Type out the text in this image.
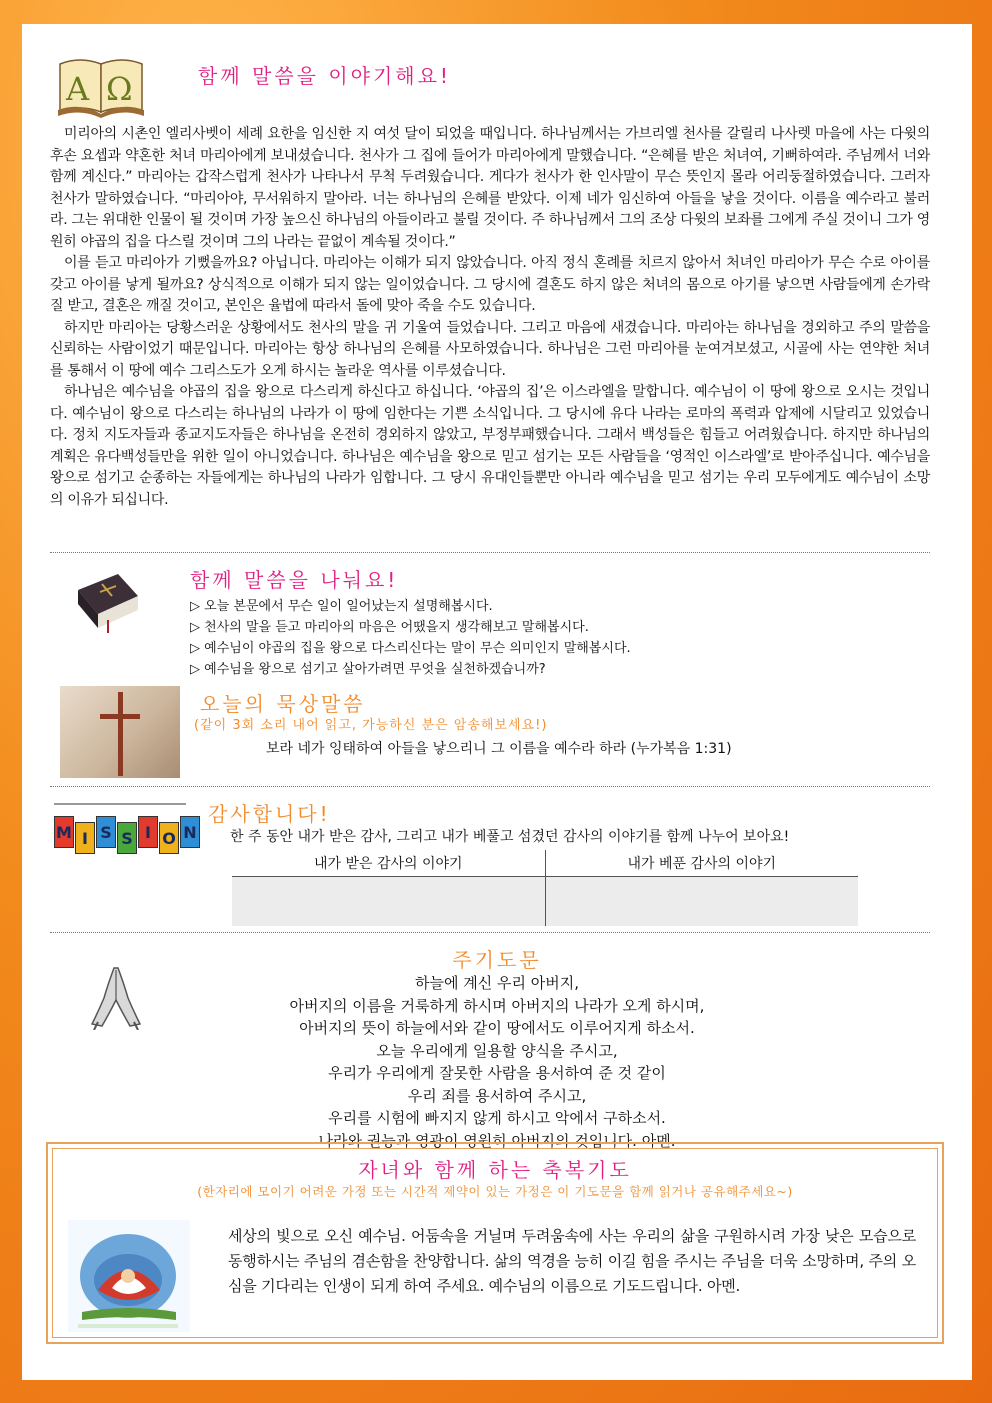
A Ω	함께 말씀을 이야기해요!

미리아의 시촌인 엘리사벳이 세례 요한을 임신한 지 여섯 달이 되었을 때입니다. 하나님께서는 가브리엘 천사를 갈릴리 나사렛 마을에 사는 다윗의 후손 요셉과 약혼한 처녀 마리아에게 보내셨습니다. 천사가 그 집에 들어가 마리아에게 말했습니다. “은혜를 받은 처녀여, 기뻐하여라. 주님께서 너와 함께 계신다.” 마리아는 갑작스럽게 천사가 나타나서 무척 두려웠습니다. 게다가 천사가 한 인사말이 무슨 뜻인지 몰라 어리둥절하였습니다. 그러자 천사가 말하였습니다. “마리아야, 무서워하지 말아라. 너는 하나님의 은혜를 받았다. 이제 네가 임신하여 아들을 낳을 것이다. 이름을 예수라고 불러라. 그는 위대한 인물이 될 것이며 가장 높으신 하나님의 아들이라고 불릴 것이다. 주 하나님께서 그의 조상 다윗의 보좌를 그에게 주실 것이니 그가 영원히 야곱의 집을 다스릴 것이며 그의 나라는 끝없이 계속될 것이다.”

이를 듣고 마리아가 기뻤을까요? 아닙니다. 마리아는 이해가 되지 않았습니다. 아직 정식 혼례를 치르지 않아서 처녀인 마리아가 무슨 수로 아이를 갖고 아이를 낳게 될까요? 상식적으로 이해가 되지 않는 일이었습니다. 그 당시에 결혼도 하지 않은 처녀의 몸으로 아기를 낳으면 사람들에게 손가락질 받고, 결혼은 깨질 것이고, 본인은 율법에 따라서 돌에 맞아 죽을 수도 있습니다.

하지만 마리아는 당황스러운 상황에서도 천사의 말을 귀 기울여 들었습니다. 그리고 마음에 새겼습니다. 마리아는 하나님을 경외하고 주의 말씀을 신뢰하는 사람이었기 때문입니다. 마리아는 항상 하나님의 은혜를 사모하였습니다. 하나님은 그런 마리아를 눈여겨보셨고, 시골에 사는 연약한 처녀를 통해서 이 땅에 예수 그리스도가 오게 하시는 놀라운 역사를 이루셨습니다.

하나님은 예수님을 야곱의 집을 왕으로 다스리게 하신다고 하십니다. ‘야곱의 집’은 이스라엘을 말합니다. 예수님이 이 땅에 왕으로 오시는 것입니다. 예수님이 왕으로 다스리는 하나님의 나라가 이 땅에 임한다는 기쁜 소식입니다. 그 당시에 유다 나라는 로마의 폭력과 압제에 시달리고 있었습니다. 정치 지도자들과 종교지도자들은 하나님을 온전히 경외하지 않았고, 부정부패했습니다. 그래서 백성들은 힘들고 어려웠습니다. 하지만 하나님의 계획은 유다백성들만을 위한 일이 아니었습니다. 하나님은 예수님을 왕으로 믿고 섬기는 모든 사람들을 ‘영적인 이스라엘’로 받아주십니다. 예수님을 왕으로 섬기고 순종하는 자들에게는 하나님의 나라가 임합니다. 그 당시 유대인들뿐만 아니라 예수님을 믿고 섬기는 우리 모두에게도 예수님이 소망의 이유가 되십니다.

함께 말씀을 나눠요!
▷ 오늘 본문에서 무슨 일이 일어났는지 설명해봅시다.
▷ 천사의 말을 듣고 마리아의 마음은 어땠을지 생각해보고 말해봅시다.
▷ 예수님이 야곱의 집을 왕으로 다스리신다는 말이 무슨 의미인지 말해봅시다.
▷ 예수님을 왕으로 섬기고 살아가려면 무엇을 실천하겠습니까?
오늘의 묵상말씀
(같이 3회 소리 내어 읽고, 가능하신 분은 암송해보세요!)
보라 네가 잉태하여 아들을 낳으리니 그 이름을 예수라 하라 (누가복음 1:31)
M I S S I O N
감사합니다!
한 주 동안 내가 받은 감사, 그리고 내가 베풀고 섬겼던 감사의 이야기를 함께 나누어 보아요!
내가 받은 감사의 이야기	내가 베푼 감사의 이야기

주기도문
하늘에 계신 우리 아버지,
아버지의 이름을 거룩하게 하시며 아버지의 나라가 오게 하시며,
아버지의 뜻이 하늘에서와 같이 땅에서도 이루어지게 하소서.
오늘 우리에게 일용할 양식을 주시고,
우리가 우리에게 잘못한 사람을 용서하여 준 것 같이
우리 죄를 용서하여 주시고,
우리를 시험에 빠지지 않게 하시고 악에서 구하소서.
나라와 권능과 영광이 영원히 아버지의 것입니다. 아멘.
자녀와 함께 하는 축복기도
(한자리에 모이기 어려운 가정 또는 시간적 제약이 있는 가정은 이 기도문을 함께 읽거나 공유해주세요~)
세상의 빛으로 오신 예수님. 어둠속을 거닐며 두려움속에 사는 우리의 삶을 구원하시려 가장 낮은 모습으로 동행하시는 주님의 겸손함을 찬양합니다. 삶의 역경을 능히 이길 힘을 주시는 주님을 더욱 소망하며, 주의 오심을 기다리는 인생이 되게 하여 주세요. 예수님의 이름으로 기도드립니다. 아멘.
